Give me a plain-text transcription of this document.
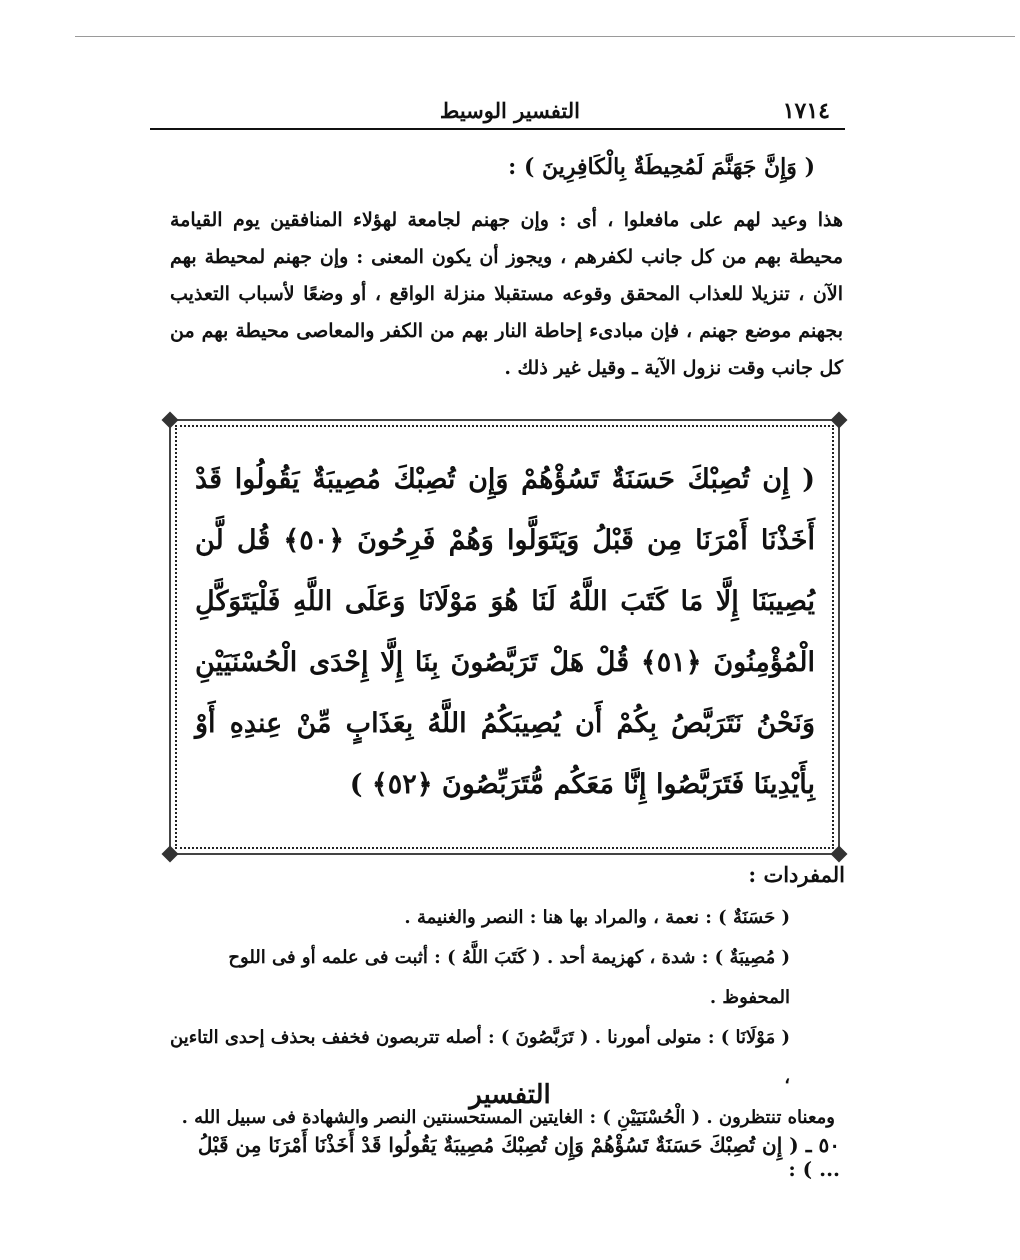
١٧١٤
التفسير الوسيط
( وَإِنَّ جَهَنَّمَ لَمُحِيطَةٌ بِالْكَافِرِينَ ) :
هذا وعيد لهم على مافعلوا ، أى : وإن جهنم لجامعة لهؤلاء المنافقين يوم القيامة محيطة بهم من كل جانب لكفرهم ، ويجوز أن يكون المعنى : وإن جهنم لمحيطة بهم الآن ، تنزيلا للعذاب المحقق وقوعه مستقبلا منزلة الواقع ، أو وضعًا لأسباب التعذيب بجهنم موضع جهنم ، فإن مبادىء إحاطة النار بهم من الكفر والمعاصى محيطة بهم من كل جانب وقت نزول الآية ـ وقيل غير ذلك .
( إِن تُصِبْكَ حَسَنَةٌ تَسُؤْهُمْ وَإِن تُصِبْكَ مُصِيبَةٌ يَقُولُوا قَدْ أَخَذْنَا أَمْرَنَا مِن قَبْلُ وَيَتَوَلَّوا وَهُمْ فَرِحُونَ ﴿٥٠﴾ قُل لَّن يُصِيبَنَا إِلَّا مَا كَتَبَ اللَّهُ لَنَا هُوَ مَوْلَانَا وَعَلَى اللَّهِ فَلْيَتَوَكَّلِ الْمُؤْمِنُونَ ﴿٥١﴾ قُلْ هَلْ تَرَبَّصُونَ بِنَا إِلَّا إِحْدَى الْحُسْنَيَيْنِ وَنَحْنُ نَتَرَبَّصُ بِكُمْ أَن يُصِيبَكُمُ اللَّهُ بِعَذَابٍ مِّنْ عِندِهِ أَوْ بِأَيْدِينَا فَتَرَبَّصُوا إِنَّا مَعَكُم مُّتَرَبِّصُونَ ﴿٥٢﴾ )
المفردات :

( حَسَنَةٌ ) : نعمة ، والمراد بها هنا : النصر والغنيمة .

( مُصِيبَةٌ ) : شدة ، كهزيمة أحد . ( كَتَبَ اللَّهُ ) : أثبت فى علمه أو فى اللوح المحفوظ .

( مَوْلَانَا ) : متولى أمورنا . ( تَرَبَّصُونَ ) : أصله تتربصون فخفف بحذف إحدى التاءين ،

ومعناه تنتظرون . ( الْحُسْنَيَيْنِ ) : الغايتين المستحسنتين النصر والشهادة فى سبيل الله .

التفسير
٥٠ ـ ( إِن تُصِبْكَ حَسَنَةٌ تَسُؤْهُمْ وَإِن تُصِبْكَ مُصِيبَةٌ يَقُولُوا قَدْ أَخَذْنَا أَمْرَنَا مِن قَبْلُ ... ) :
